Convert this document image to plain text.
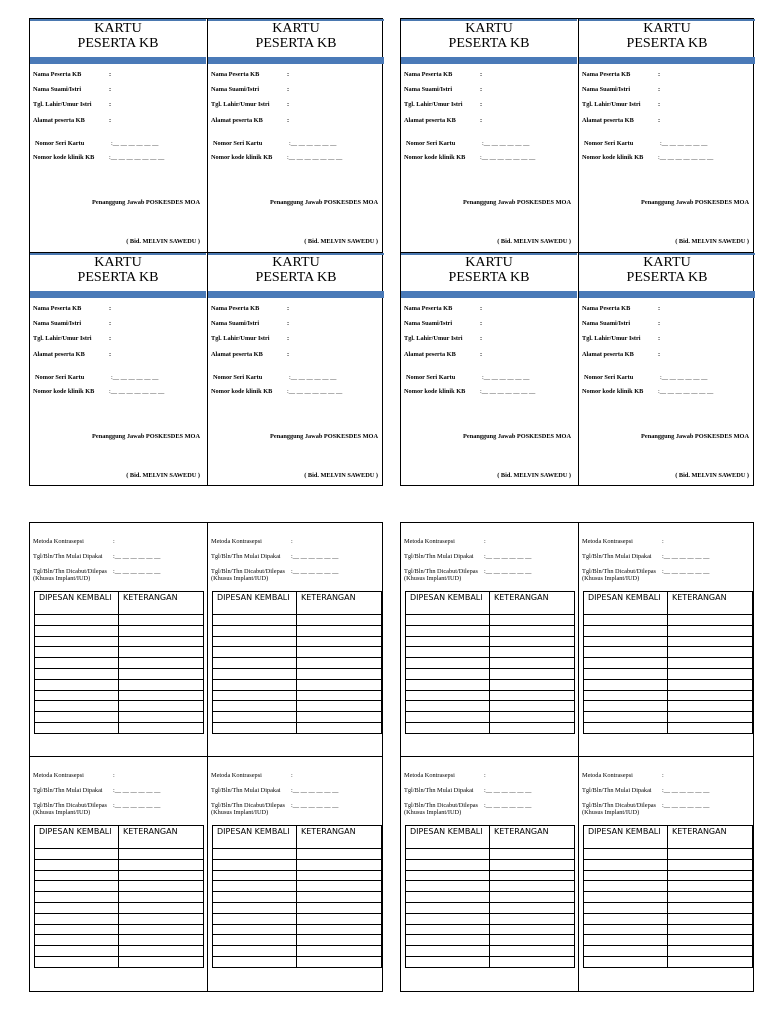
KARTU
PESERTA KB
Nama Peserta KB	:
Nama Suami/Istri	:
Tgl. Lahir/Umur Istri	:
Alamat peserta KB	:
Nomor Seri Kartu	:__ __ __ __ __ __
Nomor kode klinik KB :__ __ __ __ __ __ __
Penanggung Jawab POSKESDES MOA
( Bid. MELVIN SAWEDU )
KARTU
PESERTA KB
Nama Peserta KB	:
Nama Suami/Istri	:
Tgl. Lahir/Umur Istri	:
Alamat peserta KB	:
Nomor Seri Kartu	:__ __ __ __ __ __
Nomor kode klinik KB :__ __ __ __ __ __ __
Penanggung Jawab POSKESDES MOA
( Bid. MELVIN SAWEDU )
KARTU
PESERTA KB
Nama Peserta KB	:
Nama Suami/Istri	:
Tgl. Lahir/Umur Istri	:
Alamat peserta KB	:
Nomor Seri Kartu	:__ __ __ __ __ __
Nomor kode klinik KB :__ __ __ __ __ __ __
Penanggung Jawab POSKESDES MOA
( Bid. MELVIN SAWEDU )
KARTU
PESERTA KB
Nama Peserta KB	:
Nama Suami/Istri	:
Tgl. Lahir/Umur Istri	:
Alamat peserta KB	:
Nomor Seri Kartu	:__ __ __ __ __ __
Nomor kode klinik KB :__ __ __ __ __ __ __
Penanggung Jawab POSKESDES MOA
( Bid. MELVIN SAWEDU )
KARTU
PESERTA KB
Nama Peserta KB	:
Nama Suami/Istri	:
Tgl. Lahir/Umur Istri	:
Alamat peserta KB	:
Nomor Seri Kartu	:__ __ __ __ __ __
Nomor kode klinik KB :__ __ __ __ __ __ __
Penanggung Jawab POSKESDES MOA
( Bid. MELVIN SAWEDU )
KARTU
PESERTA KB
Nama Peserta KB	:
Nama Suami/Istri	:
Tgl. Lahir/Umur Istri	:
Alamat peserta KB	:
Nomor Seri Kartu	:__ __ __ __ __ __
Nomor kode klinik KB :__ __ __ __ __ __ __
Penanggung Jawab POSKESDES MOA
( Bid. MELVIN SAWEDU )
KARTU
PESERTA KB
Nama Peserta KB	:
Nama Suami/Istri	:
Tgl. Lahir/Umur Istri	:
Alamat peserta KB	:
Nomor Seri Kartu	:__ __ __ __ __ __
Nomor kode klinik KB :__ __ __ __ __ __ __
Penanggung Jawab POSKESDES MOA
( Bid. MELVIN SAWEDU )
KARTU
PESERTA KB
Nama Peserta KB	:
Nama Suami/Istri	:
Tgl. Lahir/Umur Istri	:
Alamat peserta KB	:
Nomor Seri Kartu	:__ __ __ __ __ __
Nomor kode klinik KB :__ __ __ __ __ __ __
Penanggung Jawab POSKESDES MOA
( Bid. MELVIN SAWEDU )
Metoda Kontrasepsi	:
Tgl/Bln/Thn Mulai Dipakai :__ __ __ __ __ __
Tgl/Bln/Thn Dicabut/Dilepas :__ __ __ __ __ __
(Khusus Implant/IUD)
DIPESAN KEMBALI	KETERANGAN

Metoda Kontrasepsi	:
Tgl/Bln/Thn Mulai Dipakai :__ __ __ __ __ __
Tgl/Bln/Thn Dicabut/Dilepas :__ __ __ __ __ __
(Khusus Implant/IUD)
DIPESAN KEMBALI	KETERANGAN

Metoda Kontrasepsi	:
Tgl/Bln/Thn Mulai Dipakai :__ __ __ __ __ __
Tgl/Bln/Thn Dicabut/Dilepas :__ __ __ __ __ __
(Khusus Implant/IUD)
DIPESAN KEMBALI	KETERANGAN

Metoda Kontrasepsi	:
Tgl/Bln/Thn Mulai Dipakai :__ __ __ __ __ __
Tgl/Bln/Thn Dicabut/Dilepas :__ __ __ __ __ __
(Khusus Implant/IUD)
DIPESAN KEMBALI	KETERANGAN

Metoda Kontrasepsi	:
Tgl/Bln/Thn Mulai Dipakai :__ __ __ __ __ __
Tgl/Bln/Thn Dicabut/Dilepas :__ __ __ __ __ __
(Khusus Implant/IUD)
DIPESAN KEMBALI	KETERANGAN

Metoda Kontrasepsi	:
Tgl/Bln/Thn Mulai Dipakai :__ __ __ __ __ __
Tgl/Bln/Thn Dicabut/Dilepas :__ __ __ __ __ __
(Khusus Implant/IUD)
DIPESAN KEMBALI	KETERANGAN

Metoda Kontrasepsi	:
Tgl/Bln/Thn Mulai Dipakai :__ __ __ __ __ __
Tgl/Bln/Thn Dicabut/Dilepas :__ __ __ __ __ __
(Khusus Implant/IUD)
DIPESAN KEMBALI	KETERANGAN

Metoda Kontrasepsi	:
Tgl/Bln/Thn Mulai Dipakai :__ __ __ __ __ __
Tgl/Bln/Thn Dicabut/Dilepas :__ __ __ __ __ __
(Khusus Implant/IUD)
DIPESAN KEMBALI	KETERANGAN
